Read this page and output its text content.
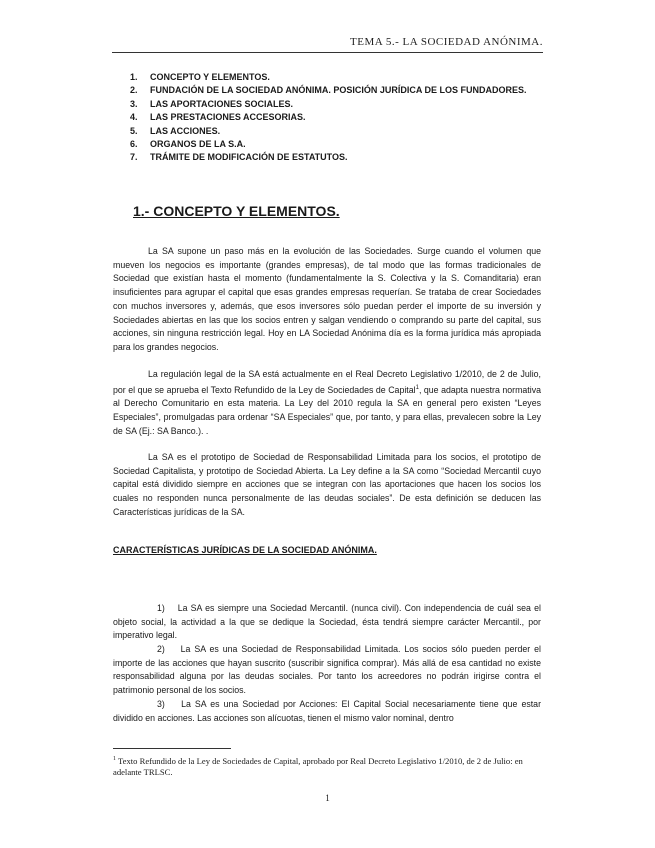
TEMA 5.- LA SOCIEDAD ANÓNIMA.
1. CONCEPTO Y ELEMENTOS.
2. FUNDACIÓN DE LA SOCIEDAD ANÓNIMA. POSICIÓN JURÍDICA DE LOS FUNDADORES.
3. LAS APORTACIONES SOCIALES.
4. LAS PRESTACIONES ACCESORIAS.
5. LAS ACCIONES.
6. ORGANOS DE LA S.A.
7. TRÁMITE DE MODIFICACIÓN DE ESTATUTOS.
1.- CONCEPTO Y ELEMENTOS.

La SA supone un paso más en la evolución de las Sociedades. Surge cuando el volumen que mueven los negocios es importante (grandes empresas), de tal modo que las formas tradicionales de Sociedad que existían hasta el momento (fundamentalmente la S. Colectiva y la S. Comanditaria) eran insuficientes para agrupar el capital que esas grandes empresas requerían. Se trataba de crear Sociedades con muchos inversores y, además, que esos inversores sólo puedan perder el importe de su inversión y Sociedades abiertas en las que los socios entren y salgan vendiendo o comprando su parte del capital, sus acciones, sin ninguna restricción legal. Hoy en LA Sociedad Anónima día es la forma jurídica más apropiada para los grandes negocios.

La regulación legal de la SA está actualmente en el Real Decreto Legislativo 1/2010, de 2 de Julio, por el que se aprueba el Texto Refundido de la Ley de Sociedades de Capital$^1$, que adapta nuestra normativa al Derecho Comunitario en esta materia. La Ley del 2010 regula la SA en general pero existen “Leyes Especiales”, promulgadas para ordenar “SA Especiales” que, por tanto, y para ellas, prevalecen sobre la Ley de SA (Ej.: SA Banco.). .

La SA es el prototipo de Sociedad de Responsabilidad Limitada para los socios, el prototipo de Sociedad Capitalista, y prototipo de Sociedad Abierta. La Ley define a la SA como “Sociedad Mercantil cuyo capital está dividido siempre en acciones que se integran con las aportaciones que hacen los socios los cuales no responden nunca personalmente de las deudas sociales”. De esta definición se deducen las Características jurídicas de la SA.

CARACTERÍSTICAS JURÍDICAS DE LA SOCIEDAD ANÓNIMA.

1) La SA es siempre una Sociedad Mercantil. (nunca civil). Con independencia de cuál sea el objeto social, la actividad a la que se dedique la Sociedad, ésta tendrá siempre carácter Mercantil., por imperativo legal.

2) La SA es una Sociedad de Responsabilidad Limitada. Los socios sólo pueden perder el importe de las acciones que hayan suscrito (suscribir significa comprar). Más allá de esa cantidad no existe responsabilidad alguna por las deudas sociales. Por tanto los acreedores no podrán irigirse contra el patrimonio personal de los socios.

3) La SA es una Sociedad por Acciones: El Capital Social necesariamente tiene que estar dividido en acciones. Las acciones son alícuotas, tienen el mismo valor nominal, dentro

$^1$ Texto Refundido de la Ley de Sociedades de Capital, aprobado por Real Decreto Legislativo 1/2010, de 2 de Julio: en adelante TRLSC.

1
